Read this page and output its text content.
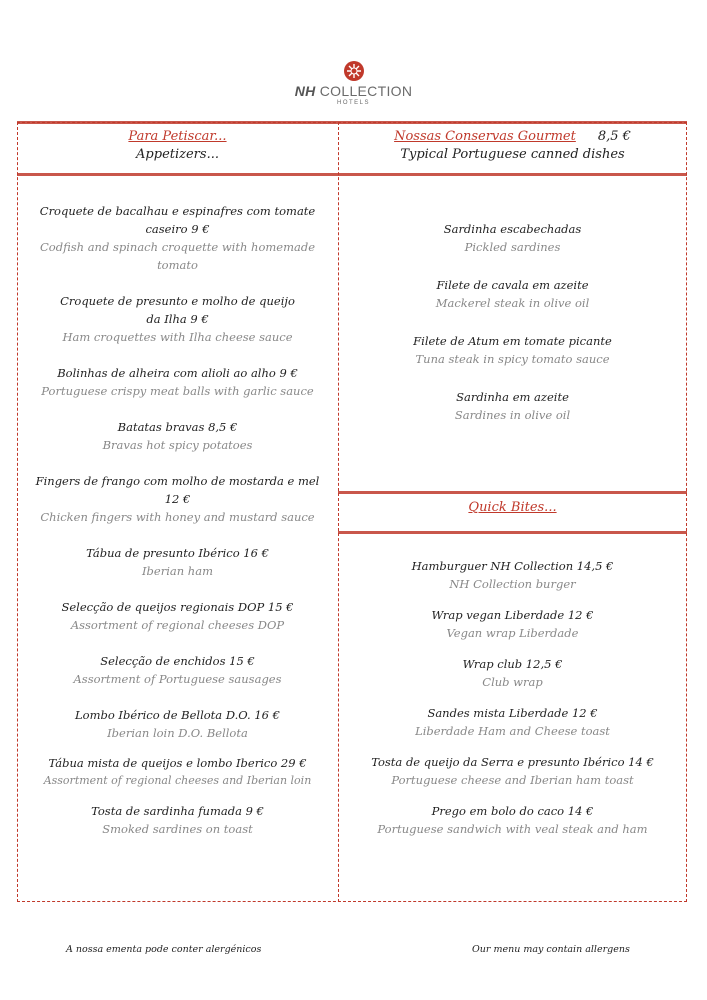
NH COLLECTION
HOTELS
Para Petiscar...
Appetizers...
Nossas Conservas Gourmet 8,5 €
Typical Portuguese canned dishes
Croquete de bacalhau e espinafres com tomate caseiro 9 €
Codfish and spinach croquette with homemade tomato
Croquete de presunto e molho de queijo da Ilha 9 €
Ham croquettes with Ilha cheese sauce
Bolinhas de alheira com alioli ao alho 9 €
Portuguese crispy meat balls with garlic sauce
Batatas bravas 8,5 €
Bravas hot spicy potatoes
Fingers de frango com molho de mostarda e mel 12 €
Chicken fingers with honey and mustard sauce
Tábua de presunto Ibérico 16 €
Iberian ham
Selecção de queijos regionais DOP 15 €
Assortment of regional cheeses DOP
Selecção de enchidos 15 €
Assortment of Portuguese sausages
Lombo Ibérico de Bellota D.O. 16 €
Iberian loin D.O. Bellota
Tábua mista de queijos e lombo Iberico 29 €
Assortment of regional cheeses and Iberian loin
Tosta de sardinha fumada 9 €
Smoked sardines on toast
Sardinha escabechadas
Pickled sardines
Filete de cavala em azeite
Mackerel steak in olive oil
Filete de Atum em tomate picante
Tuna steak in spicy tomato sauce
Sardinha em azeite
Sardines in olive oil
Quick Bites...
Hamburguer NH Collection 14,5 €
NH Collection burger
Wrap vegan Liberdade 12 €
Vegan wrap Liberdade
Wrap club 12,5 €
Club wrap
Sandes mista Liberdade 12 €
Liberdade Ham and Cheese toast
Tosta de queijo da Serra e presunto Ibérico 14 €
Portuguese cheese and Iberian ham toast
Prego em bolo do caco 14 €
Portuguese sandwich with veal steak and ham
A nossa ementa pode conter alergénicos	Our menu may contain allergens
